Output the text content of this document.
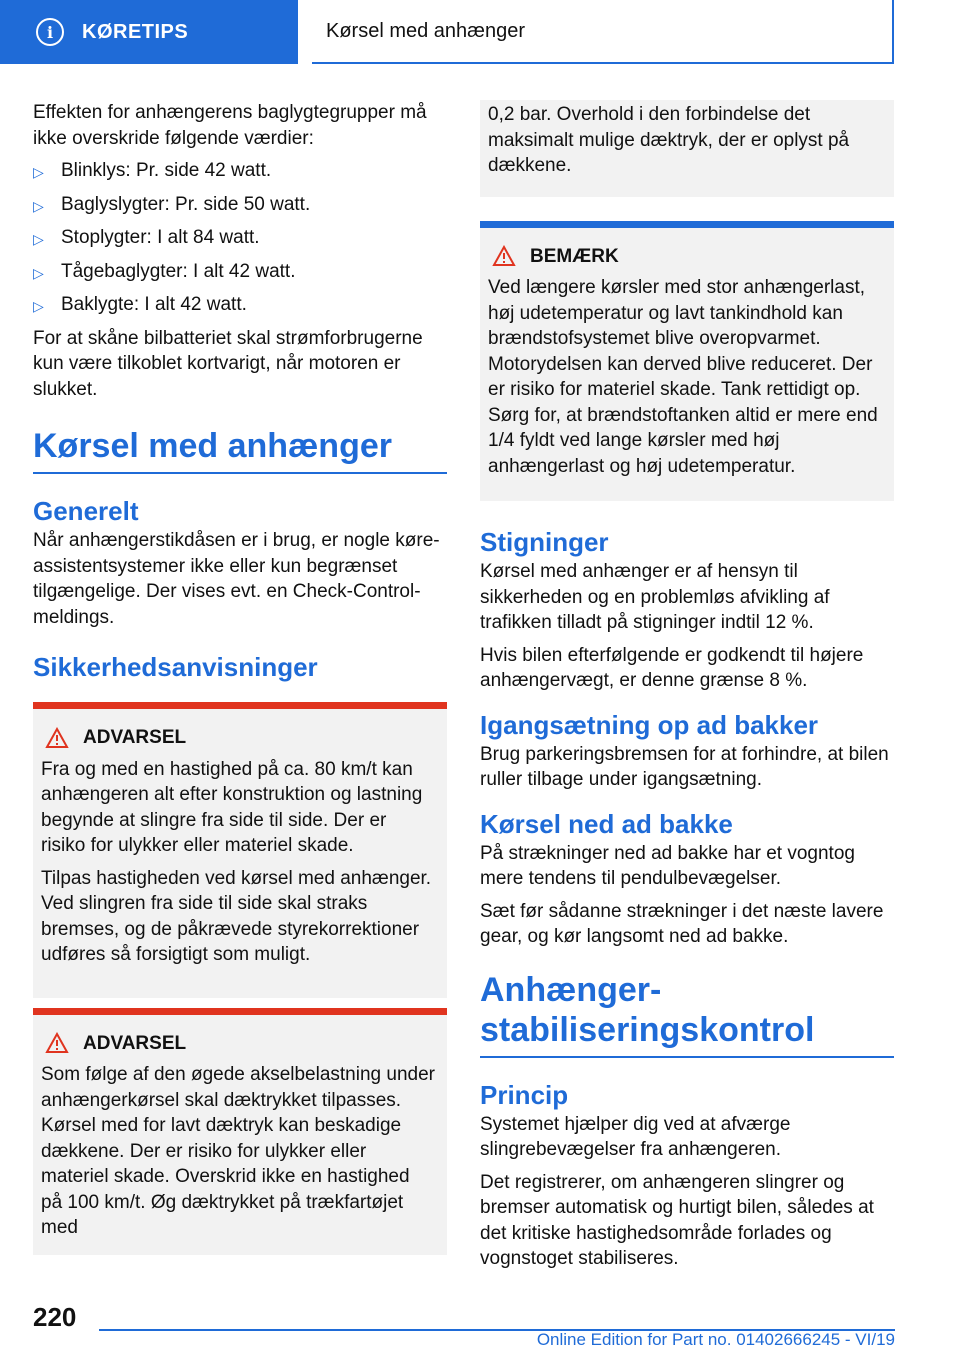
i	KØRETIPS	Kørsel med anhænger

Effekten for anhængerens baglygtegrupper må ikke overskride følgende værdier:

▷ Blinklys: Pr. side 42 watt.
▷ Baglyslygter: Pr. side 50 watt.
▷ Stoplygter: I alt 84 watt.
▷ Tågebaglygter: I alt 42 watt.
▷ Baklygte: I alt 42 watt.

For at skåne bilbatteriet skal strømforbrugerne kun være tilkoblet kortvarigt, når motoren er slukket.

Kørsel med anhænger
Generelt

Når anhængerstikdåsen er i brug, er nogle køre- assistentsystemer ikke eller kun begrænset tilgængelige. Der vises evt. en Check-Control-meldings.

Sikkerhedsanvisninger
ADVARSEL

Fra og med en hastighed på ca. 80 km/t kan anhængeren alt efter konstruktion og lastning begynde at slingre fra side til side. Der er risiko for ulykker eller materiel skade.

Tilpas hastigheden ved kørsel med anhænger. Ved slingren fra side til side skal straks bremses, og de påkrævede styrekorrektioner udføres så forsigtigt som muligt.

ADVARSEL

Som følge af den øgede akselbelastning under anhængerkørsel skal dæktrykket tilpasses. Kørsel med for lavt dæktryk kan beskadige dækkene. Der er risiko for ulykker eller materiel skade. Overskrid ikke en hastighed på 100 km/t. Øg dæktrykket på trækfartøjet med

0,2 bar. Overhold i den forbindelse det maksimalt mulige dæktryk, der er oplyst på dækkene.

BEMÆRK

Ved længere kørsler med stor anhængerlast, høj udetemperatur og lavt tankindhold kan brændstofsystemet blive overopvarmet. Motorydelsen kan derved blive reduceret. Der er risiko for materiel skade. Tank rettidigt op. Sørg for, at brændstoftanken altid er mere end 1/4 fyldt ved lange kørsler med høj anhængerlast og høj udetemperatur.

Stigninger

Kørsel med anhænger er af hensyn til sikkerheden og en problemløs afvikling af trafikken tilladt på stigninger indtil 12 %.

Hvis bilen efterfølgende er godkendt til højere anhængervægt, er denne grænse 8 %.

Igangsætning op ad bakker

Brug parkeringsbremsen for at forhindre, at bilen ruller tilbage under igangsætning.

Kørsel ned ad bakke

På strækninger ned ad bakke har et vogntog mere tendens til pendulbevægelser.

Sæt før sådanne strækninger i det næste lavere gear, og kør langsomt ned ad bakke.

Anhænger- stabiliseringskontrol
Princip

Systemet hjælper dig ved at afværge slingrebevægelser fra anhængeren.

Det registrerer, om anhængeren slingrer og bremser automatisk og hurtigt bilen, således at det kritiske hastighedsområde forlades og vognstoget stabiliseres.

220
Online Edition for Part no. 01402666245 - VI/19
